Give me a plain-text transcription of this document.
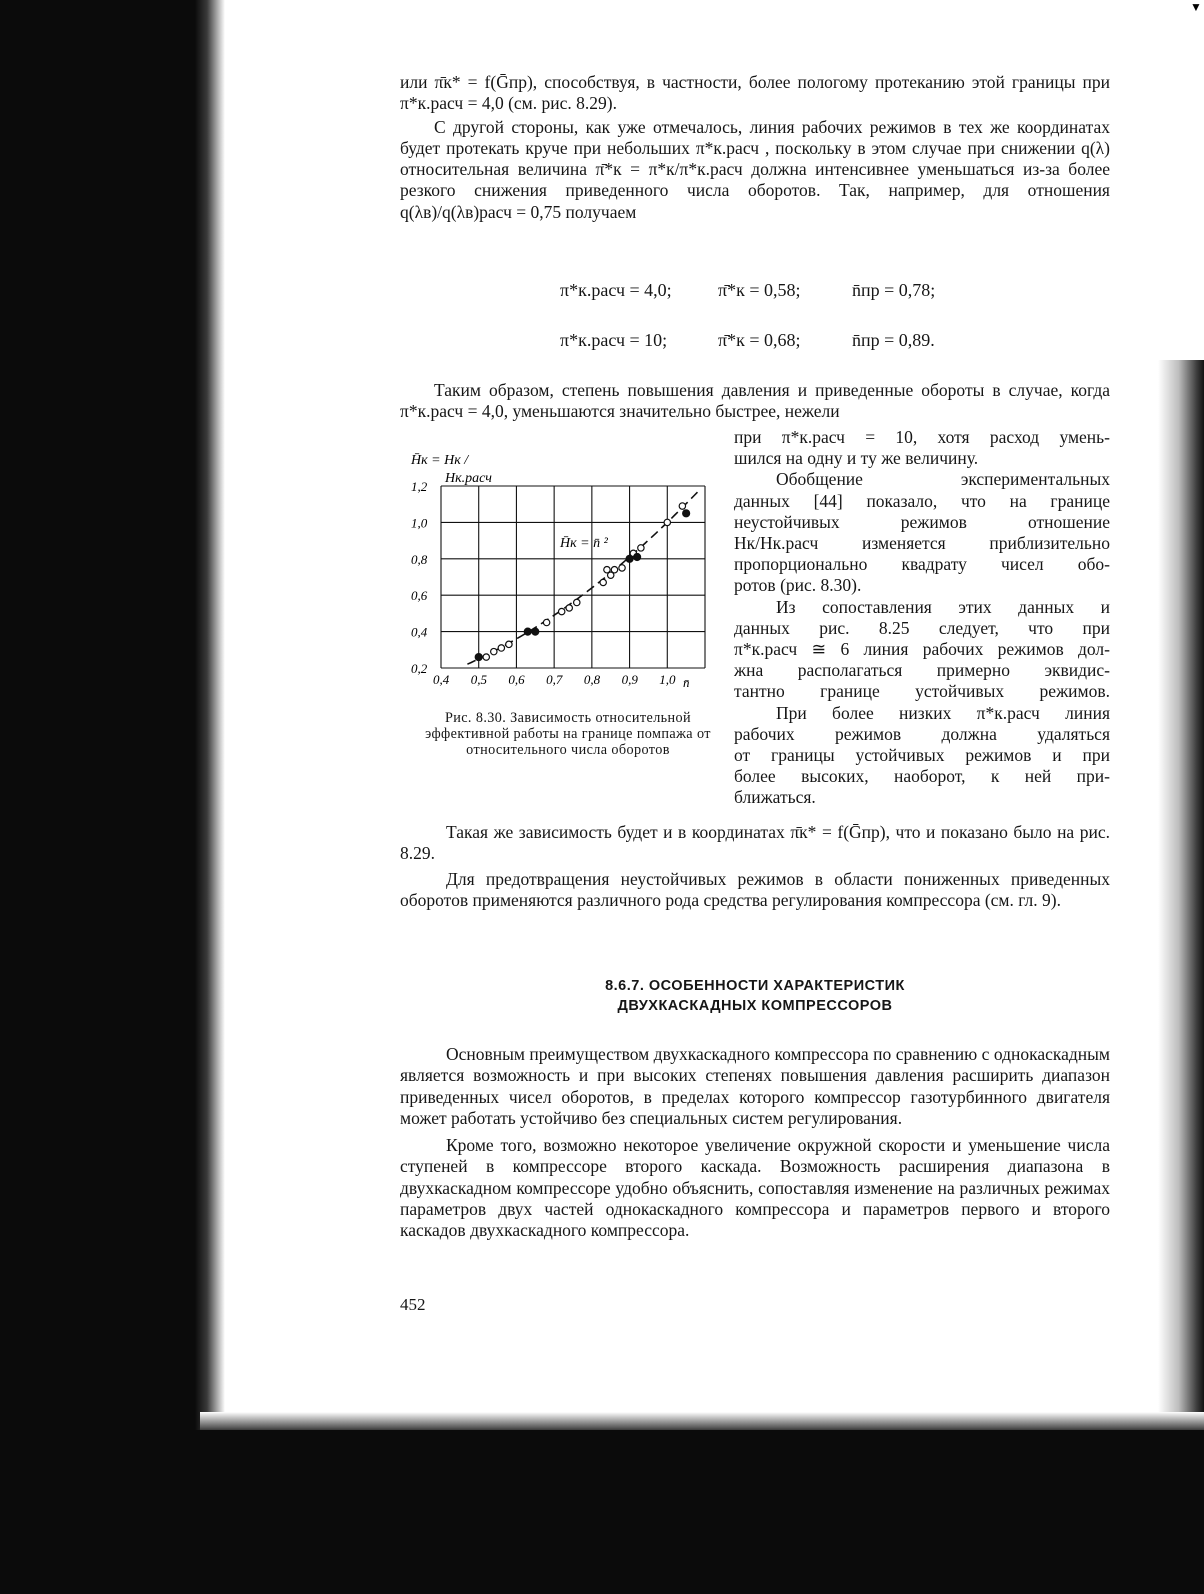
▼

или π̄к* = f(Ḡпр), способствуя, в частности, более пологому протеканию этой границы при π*к.расч = 4,0 (см. рис. 8.29).

С другой стороны, как уже отмечалось, линия рабочих режимов в тех же координатах будет протекать круче при небольших π*к.расч , поскольку в этом случае при снижении q(λ) относительная величина π̄*к = π*к/π*к.расч должна интенсивнее уменьшаться из-за более резкого снижения приведенного числа оборотов. Так, например, для отношения q(λв)/q(λв)расч = 0,75 получаем

π*к.расч = 4,0;	π̄*к = 0,58;	n̄пр = 0,78;
π*к.расч = 10;	π̄*к = 0,68;	n̄пр = 0,89.

Таким образом, степень повышения давления и приведенные обороты в случае, когда π*к.расч = 4,0, уменьшаются значительно быстрее, нежели

при π*к.расч = 10, хотя расход умень-
шился на одну и ту же величину.
Обобщение экспериментальных
данных [44] показало, что на границе
неустойчивых режимов отношение
Hк/Hк.расч изменяется приблизительно
пропорционально квадрату чисел обо-
ротов (рис. 8.30).
Из сопоставления этих данных и
данных рис. 8.25 следует, что при
π*к.расч ≅ 6 линия рабочих режимов дол-
жна располагаться примерно эквидис-
тантно границе устойчивых режимов.
При более низких π*к.расч линия
рабочих режимов должна удаляться
от границы устойчивых режимов и при
более высоких, наоборот, к ней при-
ближаться.
H̄к = Hк /
Hк.расч
0,4 0,5 0,6 0,7 0,8 0,9 1,0
0,2
0,4
0,6
0,8
1,0
1,2
H̄к = n̄ ²
n̄
Рис. 8.30. Зависимость относительной эффективной работы на границе помпажа от относительного числа оборотов

Такая же зависимость будет и в координатах π̄к* = f(Ḡпр), что и показано было на рис. 8.29.

Для предотвращения неустойчивых режимов в области пониженных приведенных оборотов применяются различного рода средства регулирования компрессора (см. гл. 9).

8.6.7. ОСОБЕННОСТИ ХАРАКТЕРИСТИК
ДВУХКАСКАДНЫХ КОМПРЕССОРОВ

Основным преимуществом двухкаскадного компрессора по сравнению с однокаскадным является возможность и при высоких степенях повышения давления расширить диапазон приведенных чисел оборотов, в пределах которого компрессор газотурбинного двигателя может работать устойчиво без специальных систем регулирования.

Кроме того, возможно некоторое увеличение окружной скорости и уменьшение числа ступеней в компрессоре второго каскада. Возможность расширения диапазона в двухкаскадном компрессоре удобно объяснить, сопоставляя изменение на различных режимах параметров двух частей однокаскадного компрессора и параметров первого и второго каскадов двухкаскадного компрессора.

452
